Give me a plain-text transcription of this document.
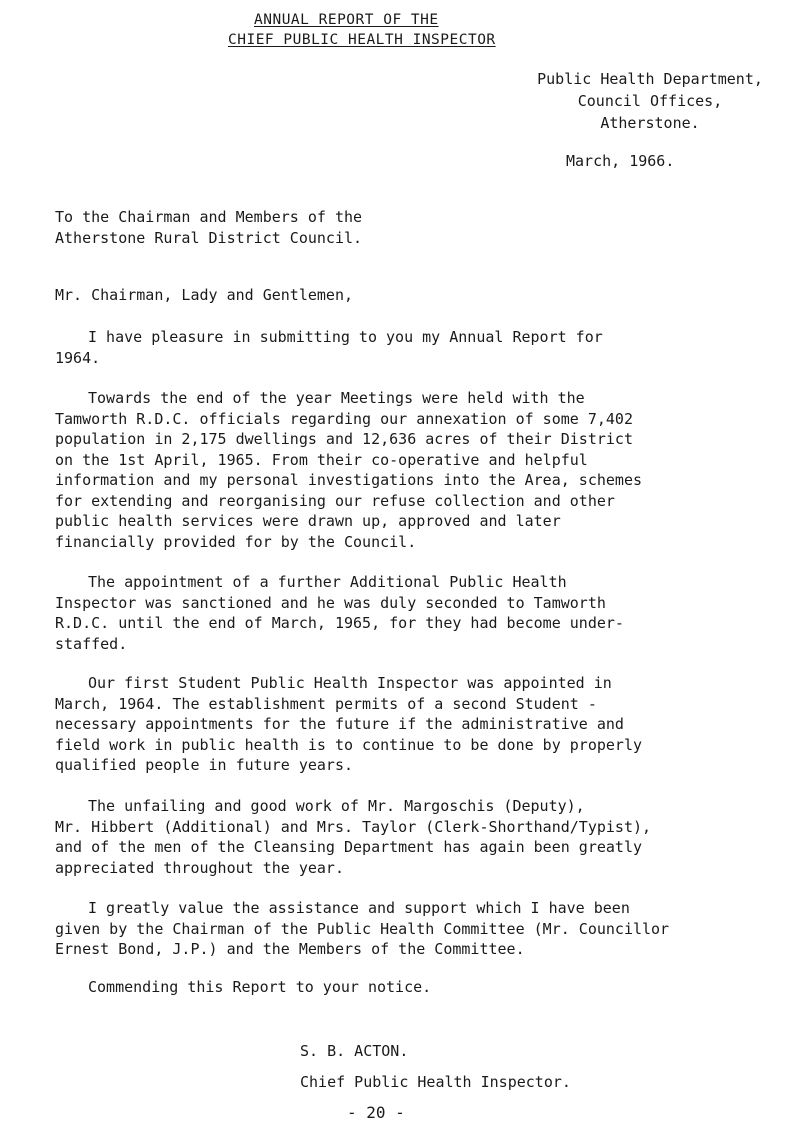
ANNUAL REPORT OF THE
CHIEF PUBLIC HEALTH INSPECTOR
Public Health Department,
Council Offices,
Atherstone.
March, 1966.
To the Chairman and Members of the
Atherstone Rural District Council.
Mr. Chairman, Lady and Gentlemen,
I have pleasure in submitting to you my Annual Report for
1964.
Towards the end of the year Meetings were held with the
Tamworth R.D.C. officials regarding our annexation of some 7,402
population in 2,175 dwellings and 12,636 acres of their District
on the 1st April, 1965. From their co-operative and helpful
information and my personal investigations into the Area, schemes
for extending and reorganising our refuse collection and other
public health services were drawn up, approved and later
financially provided for by the Council.
The appointment of a further Additional Public Health
Inspector was sanctioned and he was duly seconded to Tamworth
R.D.C. until the end of March, 1965, for they had become under-
staffed.
Our first Student Public Health Inspector was appointed in
March, 1964. The establishment permits of a second Student -
necessary appointments for the future if the administrative and
field work in public health is to continue to be done by properly
qualified people in future years.
The unfailing and good work of Mr. Margoschis (Deputy),
Mr. Hibbert (Additional) and Mrs. Taylor (Clerk-Shorthand/Typist),
and of the men of the Cleansing Department has again been greatly
appreciated throughout the year.
I greatly value the assistance and support which I have been
given by the Chairman of the Public Health Committee (Mr. Councillor
Ernest Bond, J.P.) and the Members of the Committee.
Commending this Report to your notice.
S. B. ACTON.
Chief Public Health Inspector.
- 20 -
